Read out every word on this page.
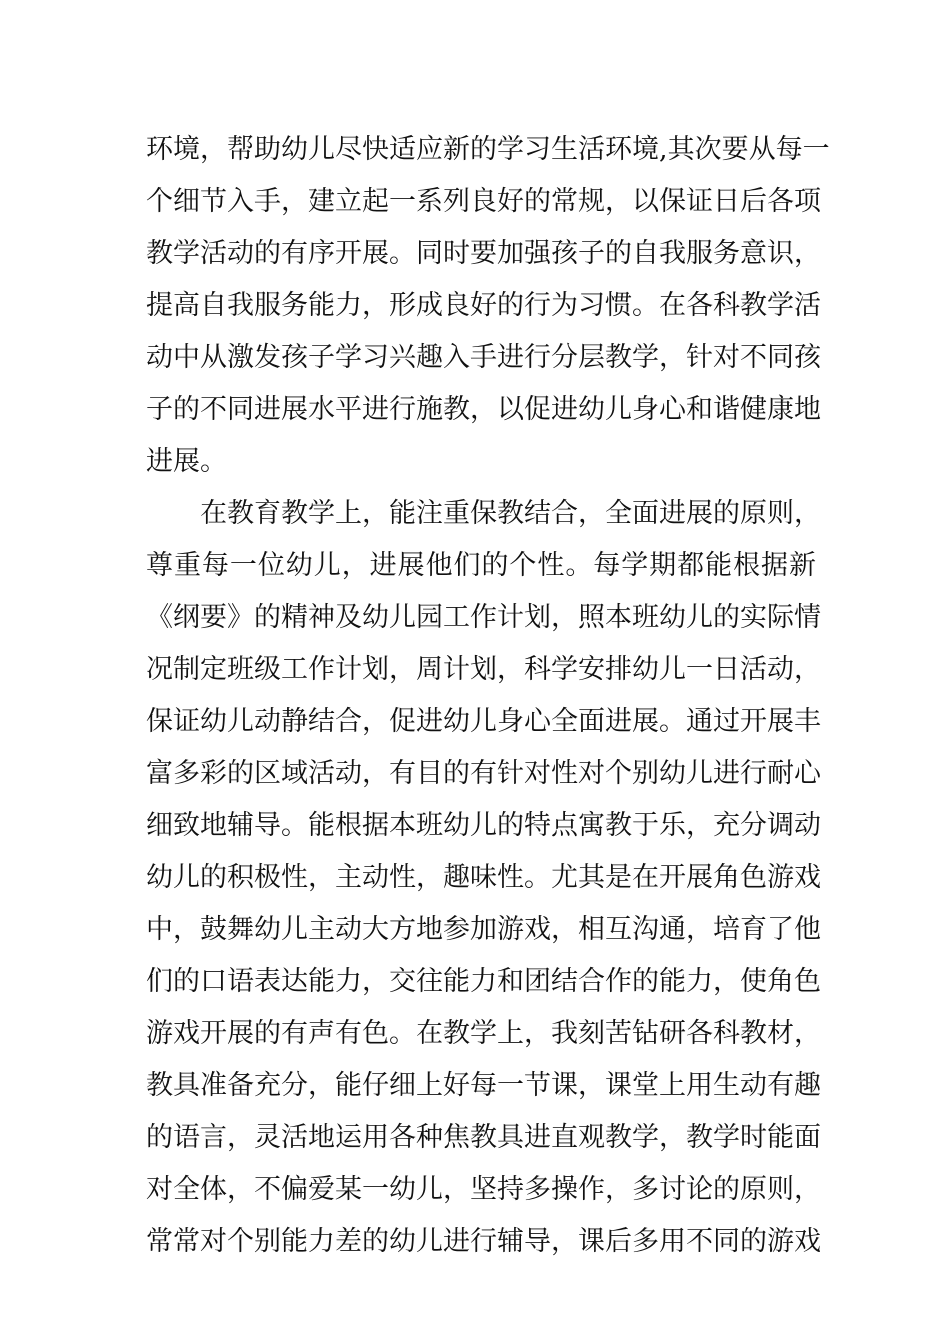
环境，帮助幼儿尽快适应新的学习生活环境,其次要从每一
个细节入手，建立起一系列良好的常规，以保证日后各项
教学活动的有序开展。同时要加强孩子的自我服务意识，
提高自我服务能力，形成良好的行为习惯。在各科教学活
动中从激发孩子学习兴趣入手进行分层教学，针对不同孩
子的不同进展水平进行施教，以促进幼儿身心和谐健康地
进展。
在教育教学上，能注重保教结合，全面进展的原则，
尊重每一位幼儿，进展他们的个性。每学期都能根据新
《纲要》的精神及幼儿园工作计划，照本班幼儿的实际情
况制定班级工作计划，周计划，科学安排幼儿一日活动，
保证幼儿动静结合，促进幼儿身心全面进展。通过开展丰
富多彩的区域活动，有目的有针对性对个别幼儿进行耐心
细致地辅导。能根据本班幼儿的特点寓教于乐，充分调动
幼儿的积极性，主动性，趣味性。尤其是在开展角色游戏
中，鼓舞幼儿主动大方地参加游戏，相互沟通，培育了他
们的口语表达能力，交往能力和团结合作的能力，使角色
游戏开展的有声有色。在教学上，我刻苦钻研各科教材，
教具准备充分，能仔细上好每一节课，课堂上用生动有趣
的语言，灵活地运用各种焦教具进直观教学，教学时能面
对全体，不偏爱某一幼儿，坚持多操作，多讨论的原则，
常常对个别能力差的幼儿进行辅导，课后多用不同的游戏
